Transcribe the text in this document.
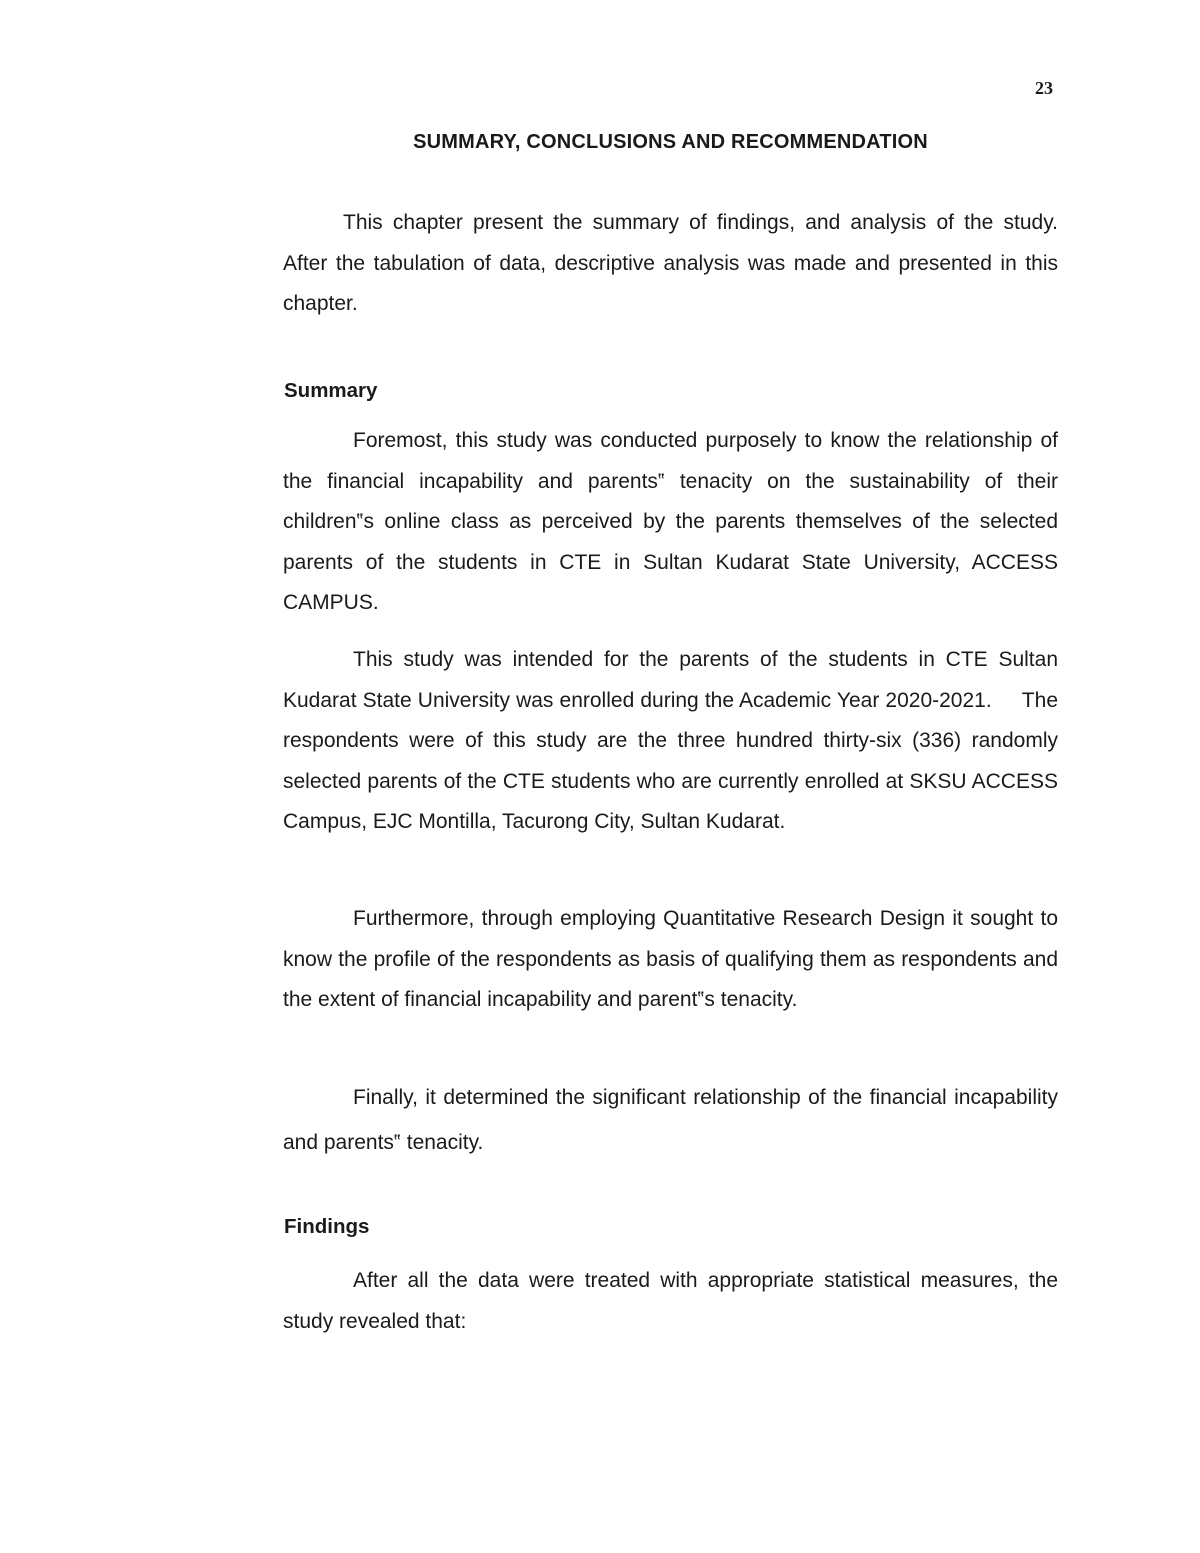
23
SUMMARY, CONCLUSIONS AND RECOMMENDATION

This chapter present the summary of findings, and analysis of the study. After the tabulation of data, descriptive analysis was made and presented in this chapter.

Summary

Foremost, this study was conducted purposely to know the relationship of the financial incapability and parents‟ tenacity on the sustainability of their children‟s online class as perceived by the parents themselves of the selected parents of the students in CTE in Sultan Kudarat State University, ACCESS CAMPUS.

This study was intended for the parents of the students in CTE Sultan Kudarat State University was enrolled during the Academic Year 2020-2021.     The respondents were of this study are the three hundred thirty-six (336) randomly selected parents of the CTE students who are currently enrolled at SKSU ACCESS Campus, EJC Montilla, Tacurong City, Sultan Kudarat.

Furthermore, through employing Quantitative Research Design it sought to know the profile of the respondents as basis of qualifying them as respondents and the extent of financial incapability and parent‟s tenacity.

Finally, it determined the significant relationship of the financial incapability and parents‟ tenacity.

Findings

After all the data were treated with appropriate statistical measures, the study revealed that:
